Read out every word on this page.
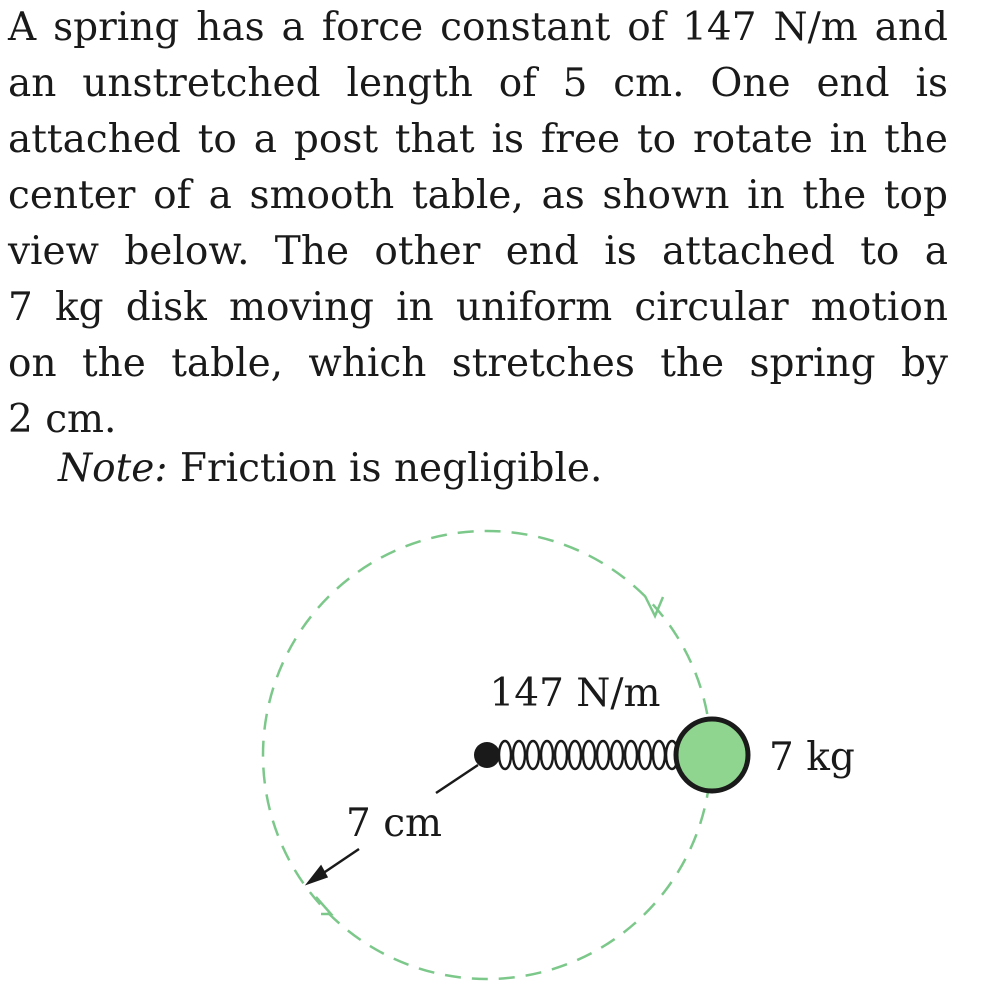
A spring has a force constant of 147 N/m and
an unstretched length of 5 cm. One end is
attached to a post that is free to rotate in the
center of a smooth table, as shown in the top
view below. The other end is attached to a
7 kg disk moving in uniform circular motion
on the table, which stretches the spring by
2 cm.
Note: Friction is negligible.
147 N/m
7 kg
7 cm
